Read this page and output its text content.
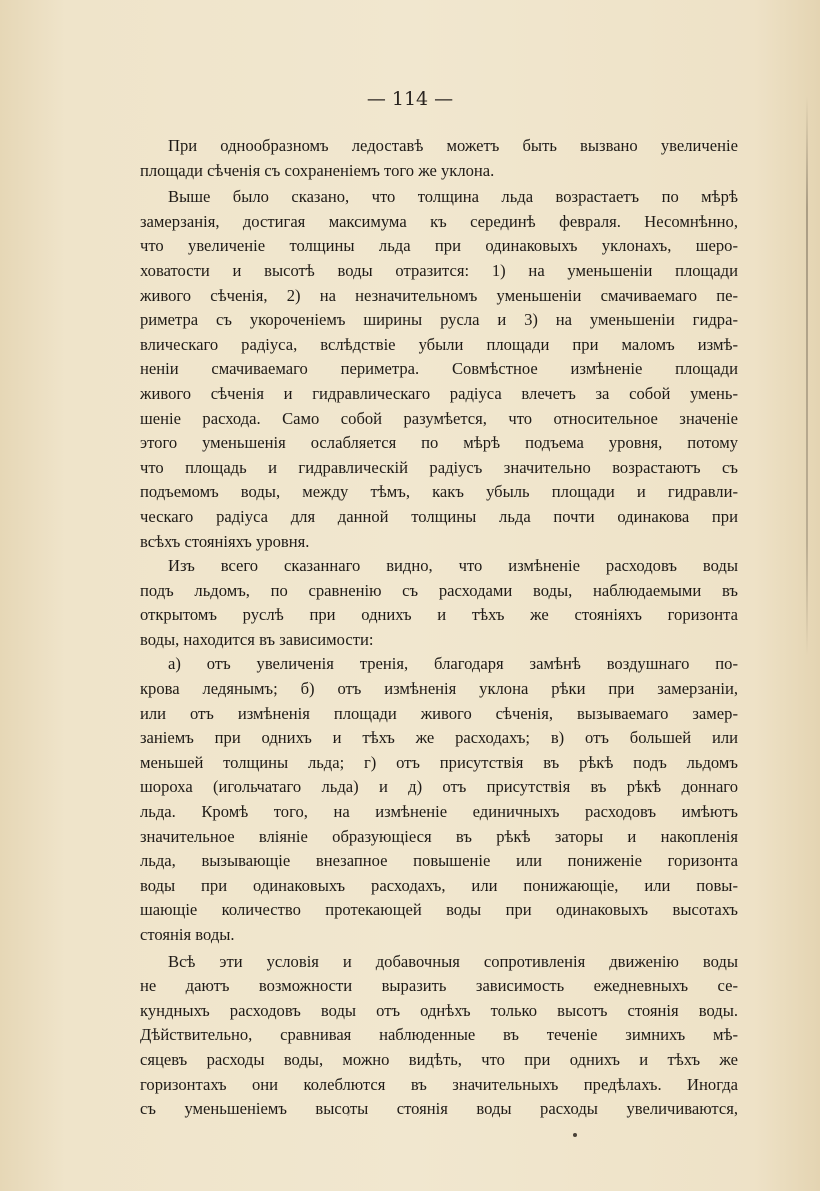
— 114 —
При однообразномъ ледоставѣ можетъ быть вызвано увеличеніе
площади сѣченія съ сохраненіемъ того же уклона.
Выше было сказано, что толщина льда возрастаетъ по мѣрѣ
замерзанія, достигая максимума къ серединѣ февраля. Несомнѣнно,
что увеличеніе толщины льда при одинаковыхъ уклонахъ, шеро-
ховатости и высотѣ воды отразится: 1) на уменьшеніи площади
живого сѣченія, 2) на незначительномъ уменьшеніи смачиваемаго пе-
риметра съ укороченіемъ ширины русла и 3) на уменьшеніи гидра-
влическаго радіуса, вслѣдствіе убыли площади при маломъ измѣ-
неніи смачиваемаго периметра. Совмѣстное измѣненіе площади
живого сѣченія и гидравлическаго радіуса влечетъ за собой умень-
шеніе расхода. Само собой разумѣется, что относительное значеніе
этого уменьшенія ослабляется по мѣрѣ подъема уровня, потому
что площадь и гидравлическій радіусъ значительно возрастаютъ съ
подъемомъ воды, между тѣмъ, какъ убыль площади и гидравли-
ческаго радіуса для данной толщины льда почти одинакова при
всѣхъ стояніяхъ уровня.
Изъ всего сказаннаго видно, что измѣненіе расходовъ воды
подъ льдомъ, по сравненію съ расходами воды, наблюдаемыми въ
открытомъ руслѣ при однихъ и тѣхъ же стояніяхъ горизонта
воды, находится въ зависимости:
а) отъ увеличенія тренія, благодаря замѣнѣ воздушнаго по-
крова ледянымъ; б) отъ измѣненія уклона рѣки при замерзаніи,
или отъ измѣненія площади живого сѣченія, вызываемаго замер-
заніемъ при однихъ и тѣхъ же расходахъ; в) отъ большей или
меньшей толщины льда; г) отъ присутствія въ рѣкѣ подъ льдомъ
шороха (игольчатаго льда) и д) отъ присутствія въ рѣкѣ доннаго
льда. Кромѣ того, на измѣненіе единичныхъ расходовъ имѣютъ
значительное вліяніе образующіеся въ рѣкѣ заторы и накопленія
льда, вызывающіе внезапное повышеніе или пониженіе горизонта
воды при одинаковыхъ расходахъ, или понижающіе, или повы-
шающіе количество протекающей воды при одинаковыхъ высотахъ
стоянія воды.
Всѣ эти условія и добавочныя сопротивленія движенію воды
не даютъ возможности выразить зависимость ежедневныхъ се-
кундныхъ расходовъ воды отъ однѣхъ только высотъ стоянія воды.
Дѣйствительно, сравнивая наблюденные въ теченіе зимнихъ мѣ-
сяцевъ расходы воды, можно видѣть, что при однихъ и тѣхъ же
горизонтахъ они колеблются въ значительныхъ предѣлахъ. Иногда
съ уменьшеніемъ высоты стоянія воды расходы увеличиваются,
